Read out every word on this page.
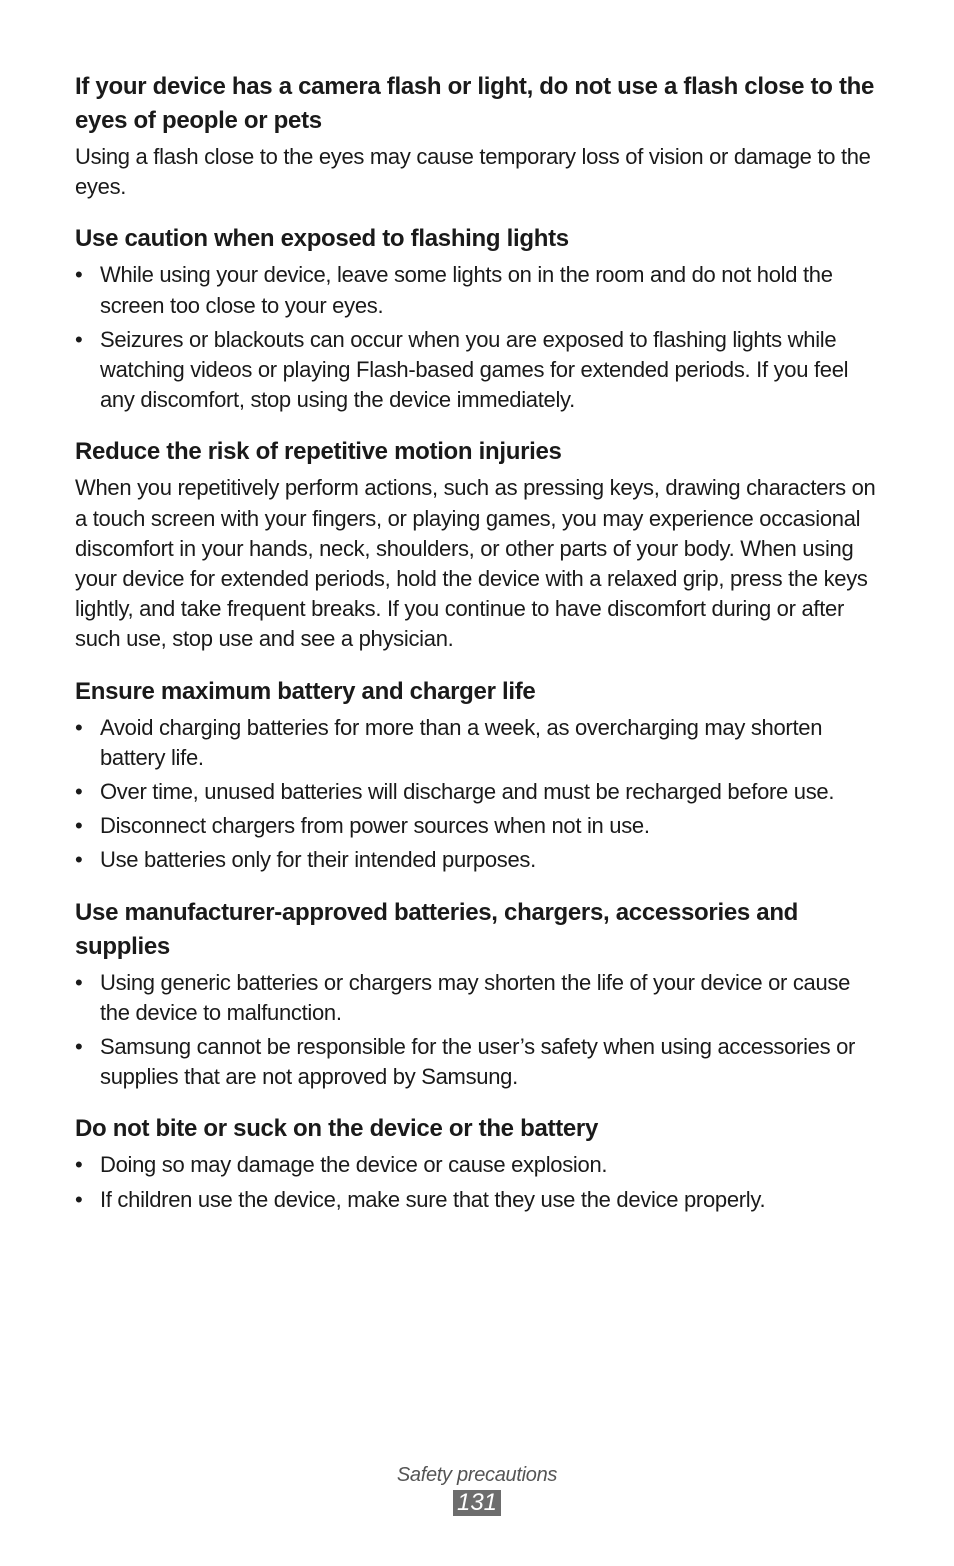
If your device has a camera flash or light, do not use a flash close to the eyes of people or pets

Using a flash close to the eyes may cause temporary loss of vision or damage to the eyes.

Use caution when exposed to flashing lights
• While using your device, leave some lights on in the room and do not hold the screen too close to your eyes.
• Seizures or blackouts can occur when you are exposed to flashing lights while watching videos or playing Flash-based games for extended periods. If you feel any discomfort, stop using the device immediately.
Reduce the risk of repetitive motion injuries

When you repetitively perform actions, such as pressing keys, drawing characters on a touch screen with your fingers, or playing games, you may experience occasional discomfort in your hands, neck, shoulders, or other parts of your body. When using your device for extended periods, hold the device with a relaxed grip, press the keys lightly, and take frequent breaks. If you continue to have discomfort during or after such use, stop use and see a physician.

Ensure maximum battery and charger life
• Avoid charging batteries for more than a week, as overcharging may shorten battery life.
• Over time, unused batteries will discharge and must be recharged before use.
• Disconnect chargers from power sources when not in use.
• Use batteries only for their intended purposes.
Use manufacturer-approved batteries, chargers, accessories and supplies
• Using generic batteries or chargers may shorten the life of your device or cause the device to malfunction.
• Samsung cannot be responsible for the user’s safety when using accessories or supplies that are not approved by Samsung.
Do not bite or suck on the device or the battery
• Doing so may damage the device or cause explosion.
• If children use the device, make sure that they use the device properly.
Safety precautions
131
